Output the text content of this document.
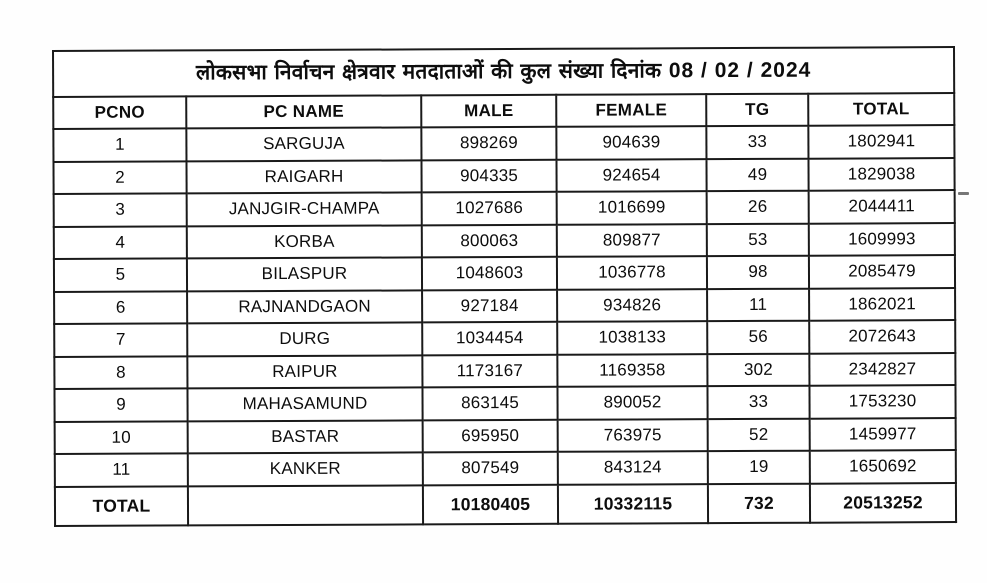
लोकसभा निर्वाचन क्षेत्रवार मतदाताओं की कुल संख्या दिनांक 08 / 02 / 2024					
PCNO	PC NAME	MALE	FEMALE	TG	TOTAL
1	SARGUJA	898269	904639	33	1802941
2	RAIGARH	904335	924654	49	1829038
3	JANJGIR-CHAMPA	1027686	1016699	26	2044411
4	KORBA	800063	809877	53	1609993
5	BILASPUR	1048603	1036778	98	2085479
6	RAJNANDGAON	927184	934826	11	1862021
7	DURG	1034454	1038133	56	2072643
8	RAIPUR	1173167	1169358	302	2342827
9	MAHASAMUND	863145	890052	33	1753230
10	BASTAR	695950	763975	52	1459977
11	KANKER	807549	843124	19	1650692
TOTAL		10180405	10332115	732	20513252
